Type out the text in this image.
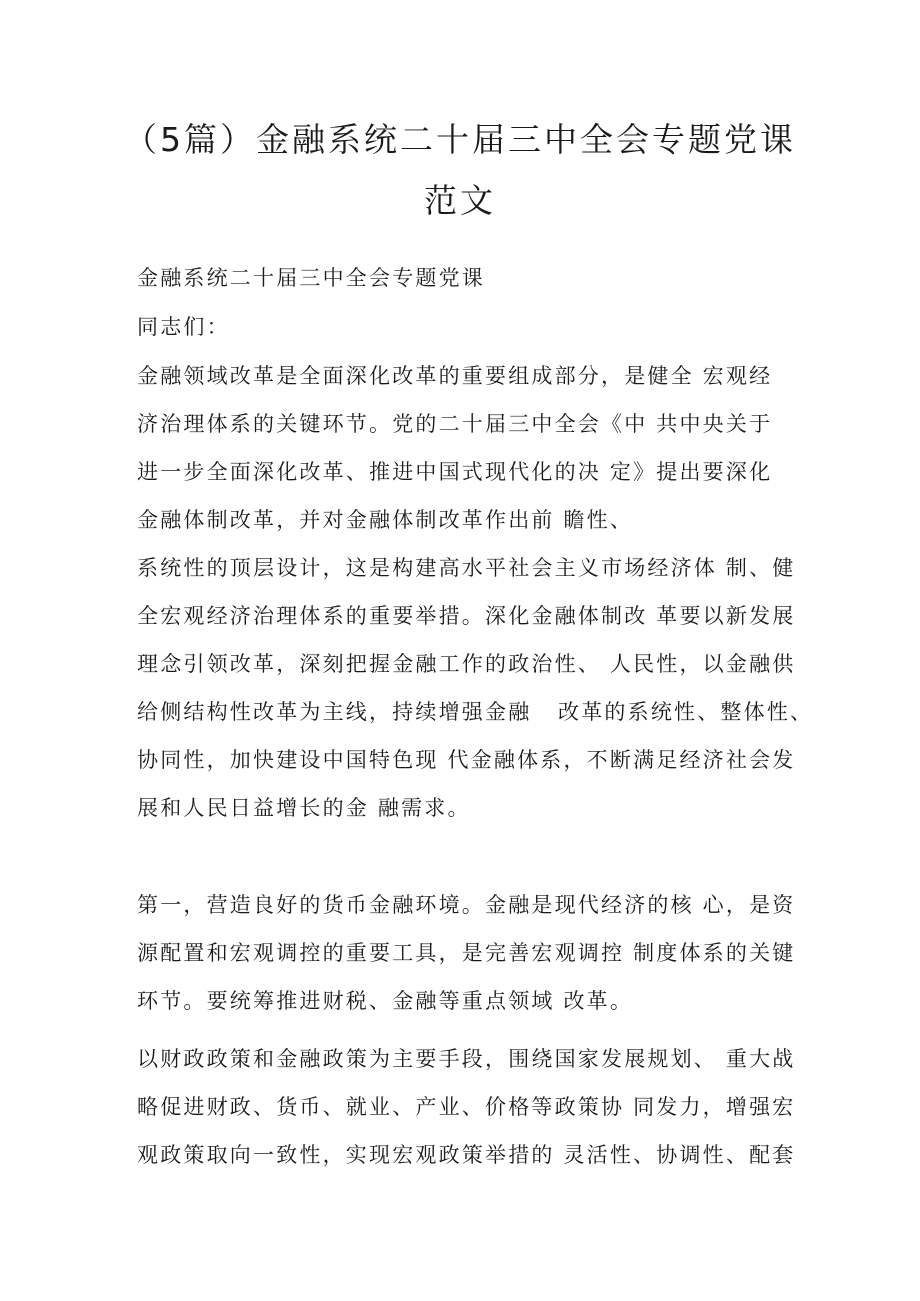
（5篇）金融系统二十届三中全会专题党课
范文
金融系统二十届三中全会专题党课
同志们：
金融领域改革是全面深化改革的重要组成部分，是健全 宏观经
济治理体系的关键环节。党的二十届三中全会《中 共中央关于
进一步全面深化改革、推进中国式现代化的决 定》提出要深化
金融体制改革，并对金融体制改革作出前 瞻性、
系统性的顶层设计，这是构建高水平社会主义市场经济体 制、健
全宏观经济治理体系的重要举措。深化金融体制改 革要以新发展
理念引领改革，深刻把握金融工作的政治性、 人民性，以金融供
给侧结构性改革为主线，持续增强金融   改革的系统性、整体性、
协同性，加快建设中国特色现 代金融体系，不断满足经济社会发
展和人民日益增长的金 融需求。
第一，营造良好的货币金融环境。金融是现代经济的核 心，是资
源配置和宏观调控的重要工具，是完善宏观调控 制度体系的关键
环节。要统筹推进财税、金融等重点领域 改革。
以财政政策和金融政策为主要手段，围绕国家发展规划、 重大战
略促进财政、货币、就业、产业、价格等政策协 同发力，增强宏
观政策取向一致性，实现宏观政策举措的 灵活性、协调性、配套
